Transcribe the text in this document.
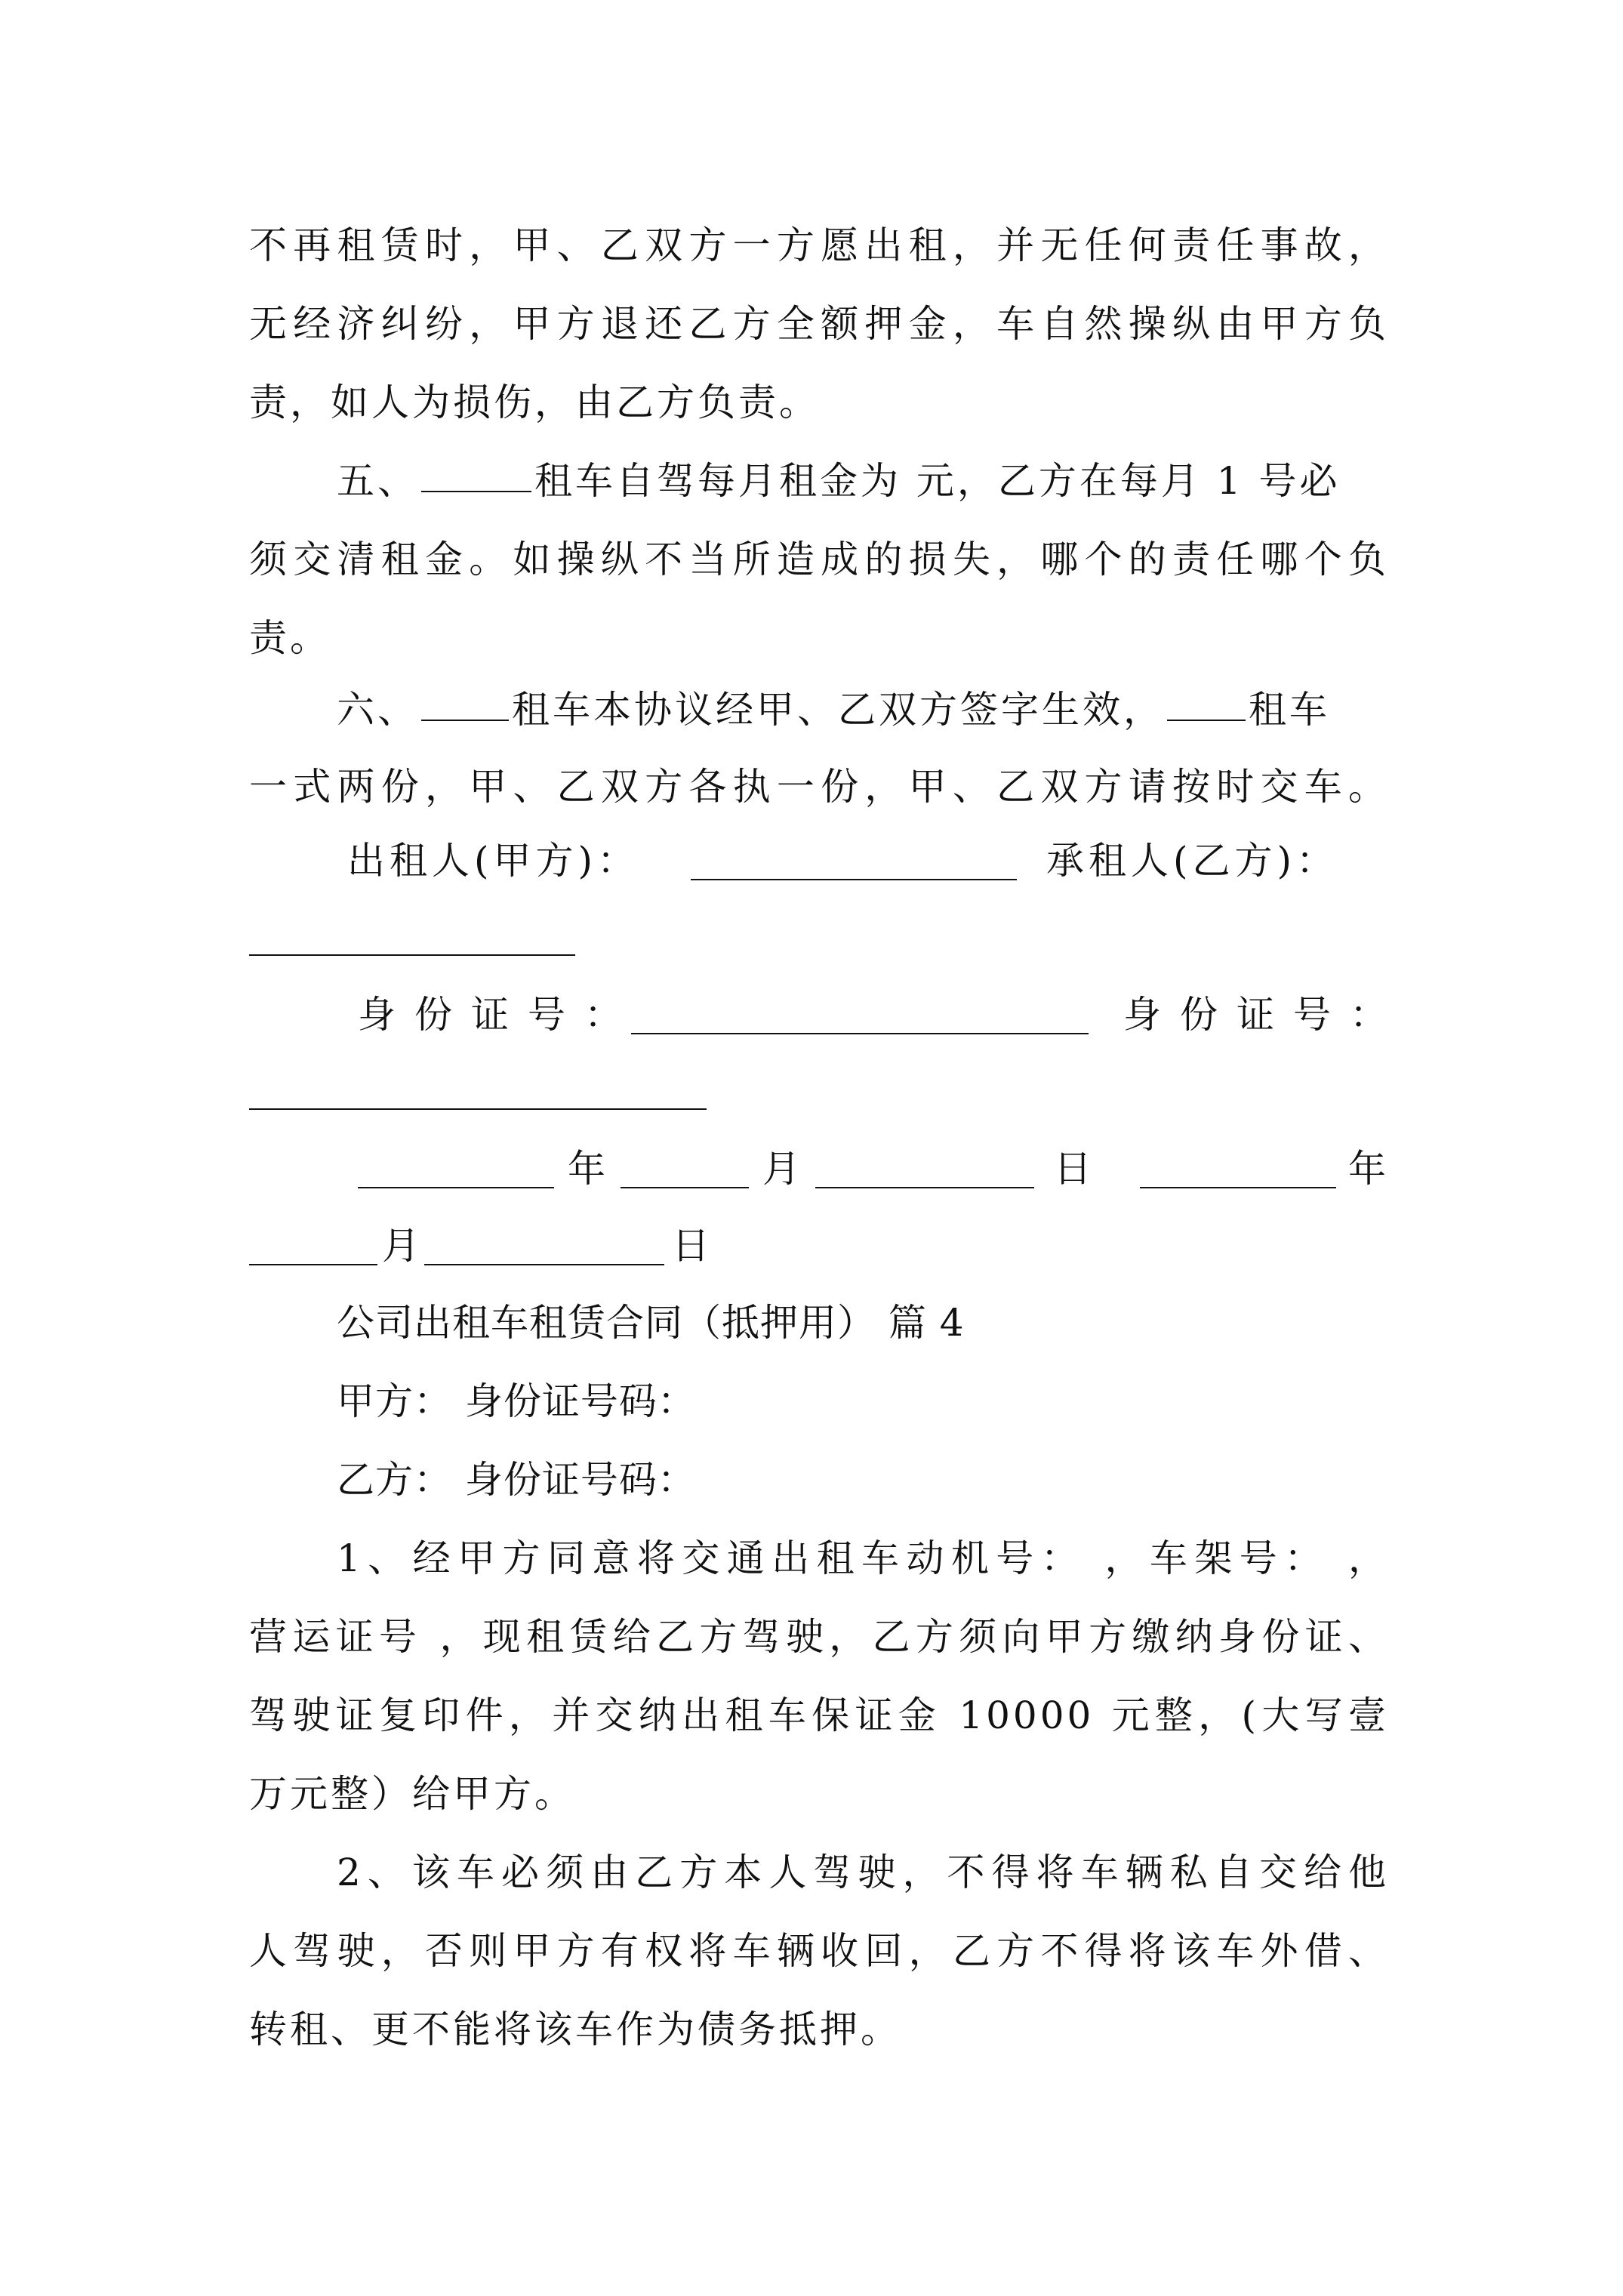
不再租赁时，甲、乙双方一方愿出租，并无任何责任事故，
无经济纠纷，甲方退还乙方全额押金，车自然操纵由甲方负
责，如人为损伤，由乙方负责。
五、	租车自驾每月租金为 元，乙方在每月 1 号必
须交清租金。如操纵不当所造成的损失，哪个的责任哪个负
责。
六、 租车本协议经甲、乙双方签字生效， 租车
一式两份，甲、乙双方各执一份，甲、乙双方请按时交车。
出租人(甲方)：	承租人(乙方)：
身份证号：	身份证号：
年	月	日	年
月	日
公司出租车租赁合同（抵押用） 篇 4
甲方： 身份证号码：
乙方： 身份证号码：
1、经甲方同意将交通出租车动机号： ，车架号： ，
营运证号 ，现租赁给乙方驾驶，乙方须向甲方缴纳身份证、
驾驶证复印件，并交纳出租车保证金 10000 元整，(大写壹
万元整）给甲方。
2、该车必须由乙方本人驾驶，不得将车辆私自交给他
人驾驶，否则甲方有权将车辆收回，乙方不得将该车外借、
转租、更不能将该车作为债务抵押。
